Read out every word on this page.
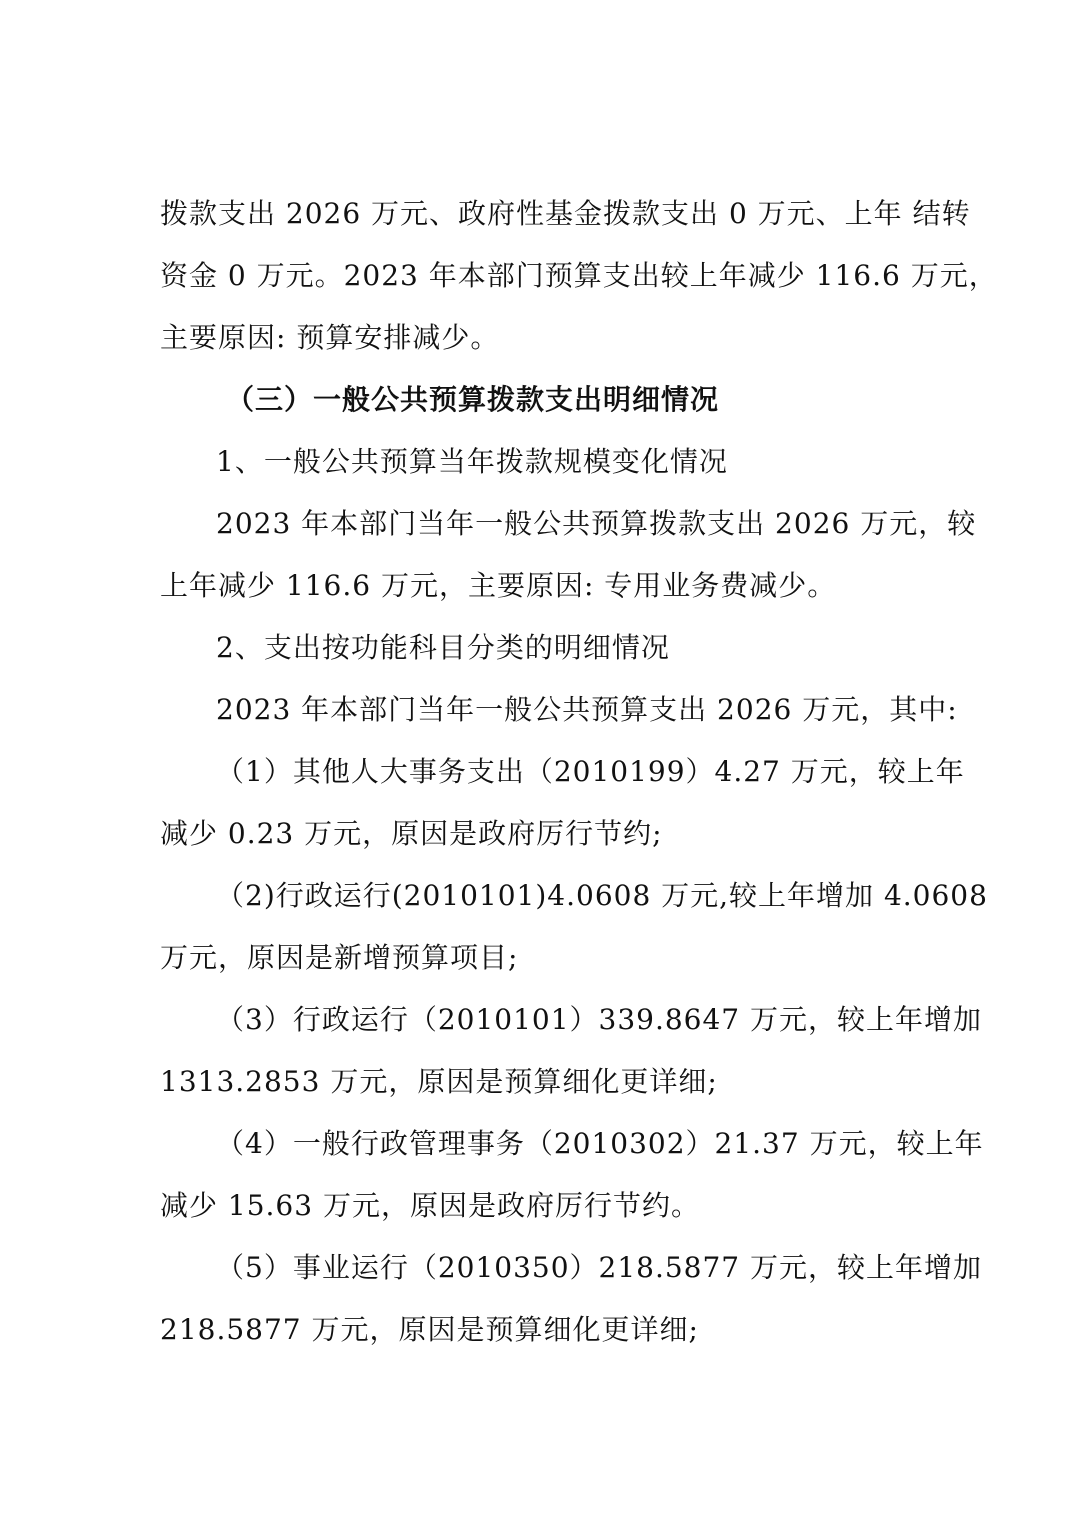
拨款支出 2026 万元、政府性基金拨款支出 0 万元、上年 结转
资金 0 万元。2023 年本部门预算支出较上年减少 116.6 万元，
主要原因: 预算安排减少。
（三）一般公共预算拨款支出明细情况
1、一般公共预算当年拨款规模变化情况
2023 年本部门当年一般公共预算拨款支出 2026 万元，较
上年减少 116.6 万元，主要原因: 专用业务费减少。
2、支出按功能科目分类的明细情况
2023 年本部门当年一般公共预算支出 2026 万元，其中:
（1）其他人大事务支出（2010199）4.27 万元，较上年
减少 0.23 万元，原因是政府厉行节约;
（2)行政运行(2010101)4.0608 万元,较上年增加 4.0608
万元，原因是新增预算项目;
（3）行政运行（2010101）339.8647 万元，较上年增加
1313.2853 万元，原因是预算细化更详细;
（4）一般行政管理事务（2010302）21.37 万元，较上年
减少 15.63 万元，原因是政府厉行节约。
（5）事业运行（2010350）218.5877 万元，较上年增加
218.5877 万元，原因是预算细化更详细;
